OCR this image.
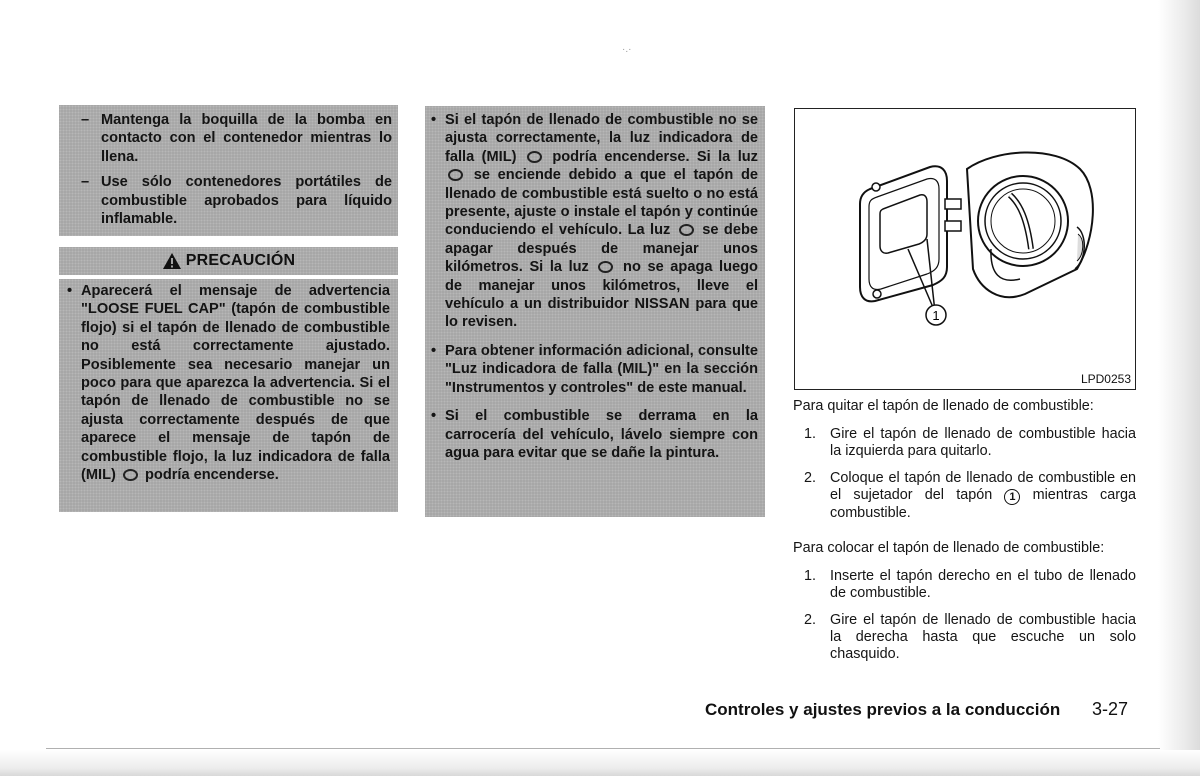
·.·
– Mantenga la boquilla de la bomba en contacto con el contenedor mientras lo llena.
– Use sólo contenedores portátiles de combustible aprobados para líquido inflamable.
PRECAUCIÓN
• Aparecerá el mensaje de advertencia "LOOSE FUEL CAP" (tapón de combustible flojo) si el tapón de llenado de combustible no está correctamente ajustado. Posiblemente sea necesario manejar un poco para que aparezca la advertencia. Si el tapón de llenado de combustible no se ajusta correctamente después de que aparece el mensaje de tapón de combustible flojo, la luz indicadora de falla (MIL) podría encenderse.
• Si el tapón de llenado de combustible no se ajusta correctamente, la luz indicadora de falla (MIL) podría encenderse. Si la luz  se enciende debido a que el tapón de llenado de combustible está suelto o no está presente, ajuste o instale el tapón y continúe conduciendo el vehículo. La luz se debe apagar después de manejar unos kilómetros. Si la luz no se apaga luego de manejar unos kilómetros, lleve el vehículo a un distribuidor NISSAN para que lo revisen.
• Para obtener información adicional, consulte "Luz indicadora de falla (MIL)" en la sección "Instrumentos y controles" de este manual.
• Si el combustible se derrama en la carrocería del vehículo, lávelo siempre con agua para evitar que se dañe la pintura.
1
LPD0253
Para quitar el tapón de llenado de combustible:
1. Gire el tapón de llenado de combustible hacia la izquierda para quitarlo.
2. Coloque el tapón de llenado de combustible en el sujetador del tapón 1 mientras carga combustible.
Para colocar el tapón de llenado de combustible:
1. Inserte el tapón derecho en el tubo de llenado de combustible.
2. Gire el tapón de llenado de combustible hacia la derecha hasta que escuche un solo chasquido.
Controles y ajustes previos a la conducción 3-27
